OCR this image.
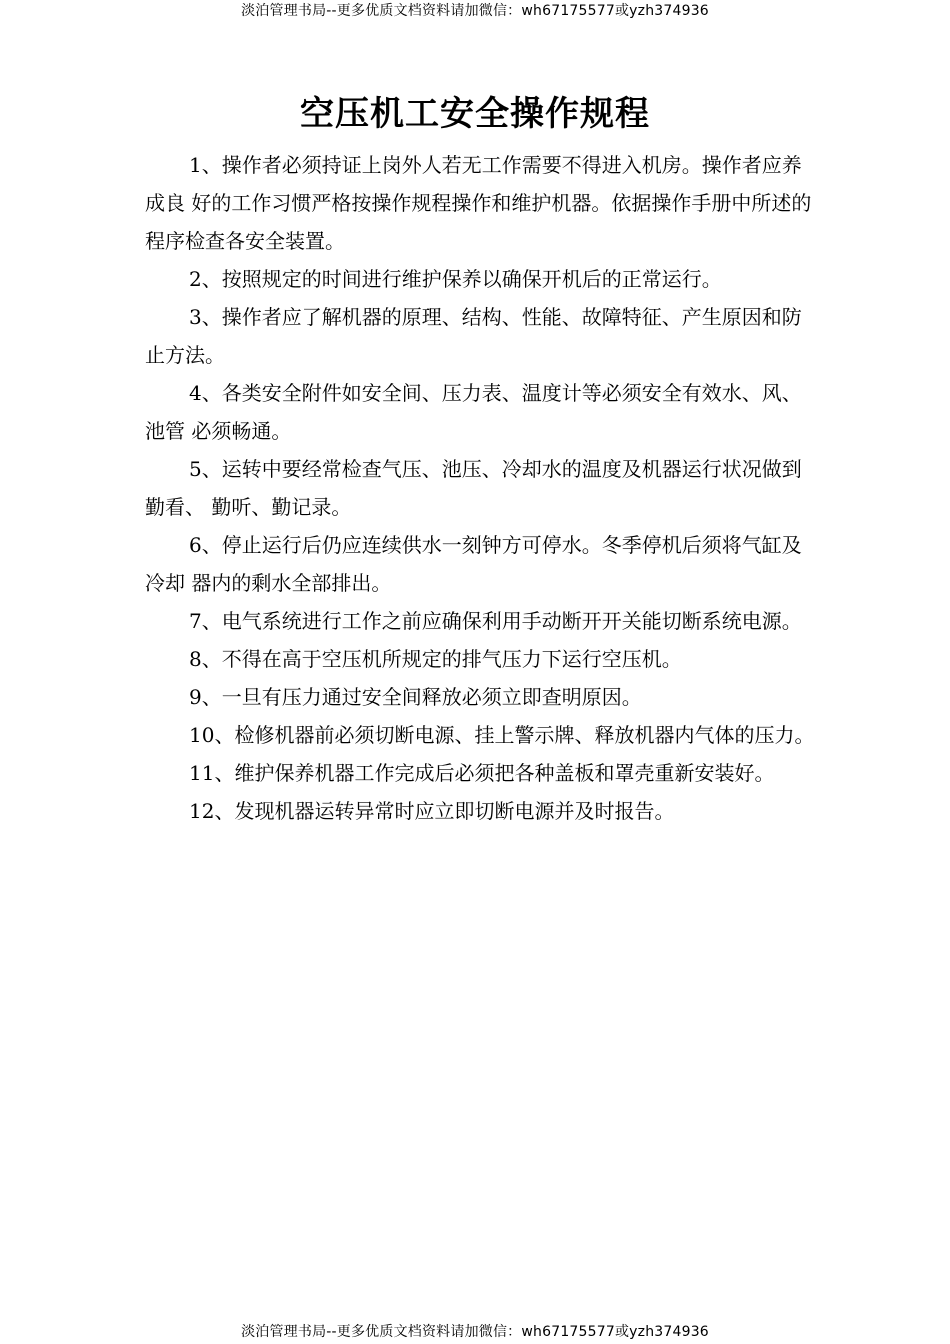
淡泊管理书局--更多优质文档资料请加微信：wh67175577或yzh374936
空压机工安全操作规程

1、操作者必须持证上岗外人若无工作需要不得进入机房。操作者应养成良 好的工作习惯严格按操作规程操作和维护机器。依据操作手册中所述的程序检查各安全装置。

2、按照规定的时间进行维护保养以确保开机后的正常运行。

3、操作者应了解机器的原理、结构、性能、故障特征、产生原因和防止方法。

4、各类安全附件如安全间、压力表、温度计等必须安全有效水、风、池管 必须畅通。

5、运转中要经常检查气压、池压、冷却水的温度及机器运行状况做到勤看、 勤听、勤记录。

6、停止运行后仍应连续供水一刻钟方可停水。冬季停机后须将气缸及冷却 器内的剩水全部排出。

7、电气系统进行工作之前应确保利用手动断开开关能切断系统电源。

8、不得在高于空压机所规定的排气压力下运行空压机。

9、一旦有压力通过安全间释放必须立即查明原因。

10、检修机器前必须切断电源、挂上警示牌、释放机器内气体的压力。

11、维护保养机器工作完成后必须把各种盖板和罩壳重新安装好。

12、发现机器运转异常时应立即切断电源并及时报告。

淡泊管理书局--更多优质文档资料请加微信：wh67175577或yzh374936
